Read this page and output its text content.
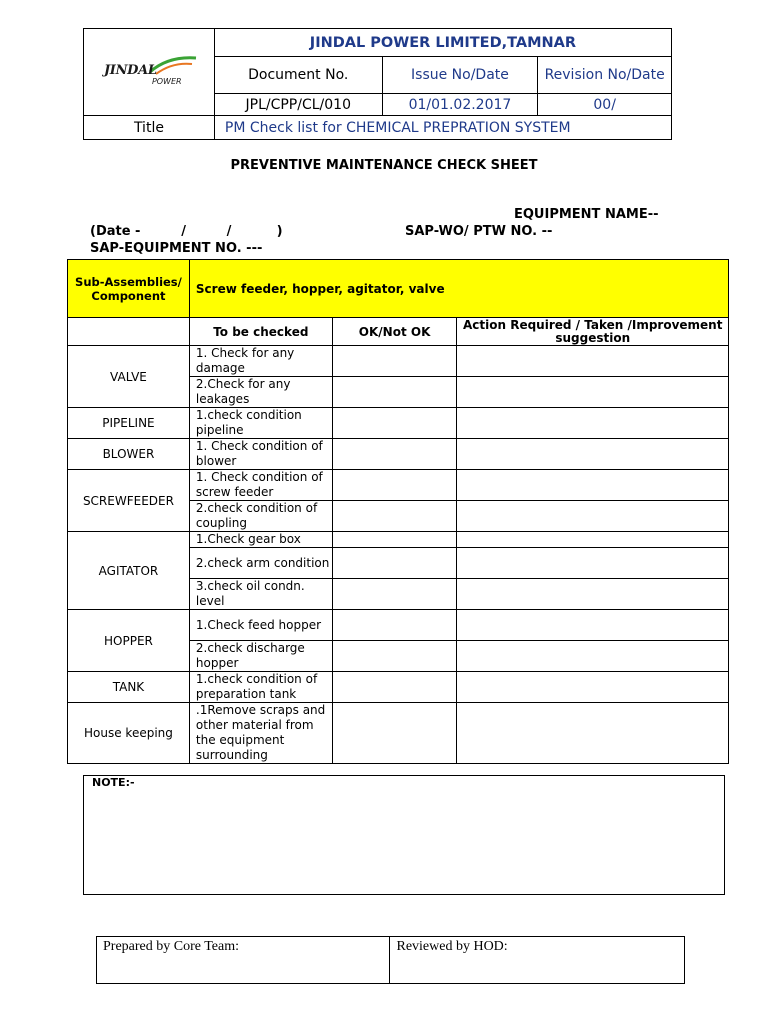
JINDAL
POWER	JINDAL POWER LIMITED,TAMNAR		
	Document No.	Issue No/Date	Revision No/Date
	JPL/CPP/CL/010	01/01.02.2017	00/
Title	PM Check list for CHEMICAL PREPRATION SYSTEM		
PREVENTIVE MAINTENANCE CHECK SHEET
EQUIPMENT NAME--
(Date -         /         /          )	SAP-WO/ PTW NO. --
SAP-EQUIPMENT NO. ---
Sub-Assemblies/ Component	Screw feeder, hopper, agitator, valve		
	To be checked	OK/Not OK	Action Required / Taken /Improvement suggestion
VALVE	1. Check for any damage		
	2.Check for any leakages		
PIPELINE	1.check condition pipeline		
BLOWER	1. Check condition of blower		
SCREWFEEDER	1. Check condition of screw feeder		
	2.check condition of coupling		
AGITATOR	1.Check gear box		
	2.check arm condition		
	3.check oil condn. level		
HOPPER	1.Check feed hopper		
	2.check discharge hopper		
TANK	1.check condition of preparation tank		
House keeping	.1Remove scraps and other material from the equipment surrounding		
NOTE:-
Prepared by Core Team:	Reviewed by HOD:
